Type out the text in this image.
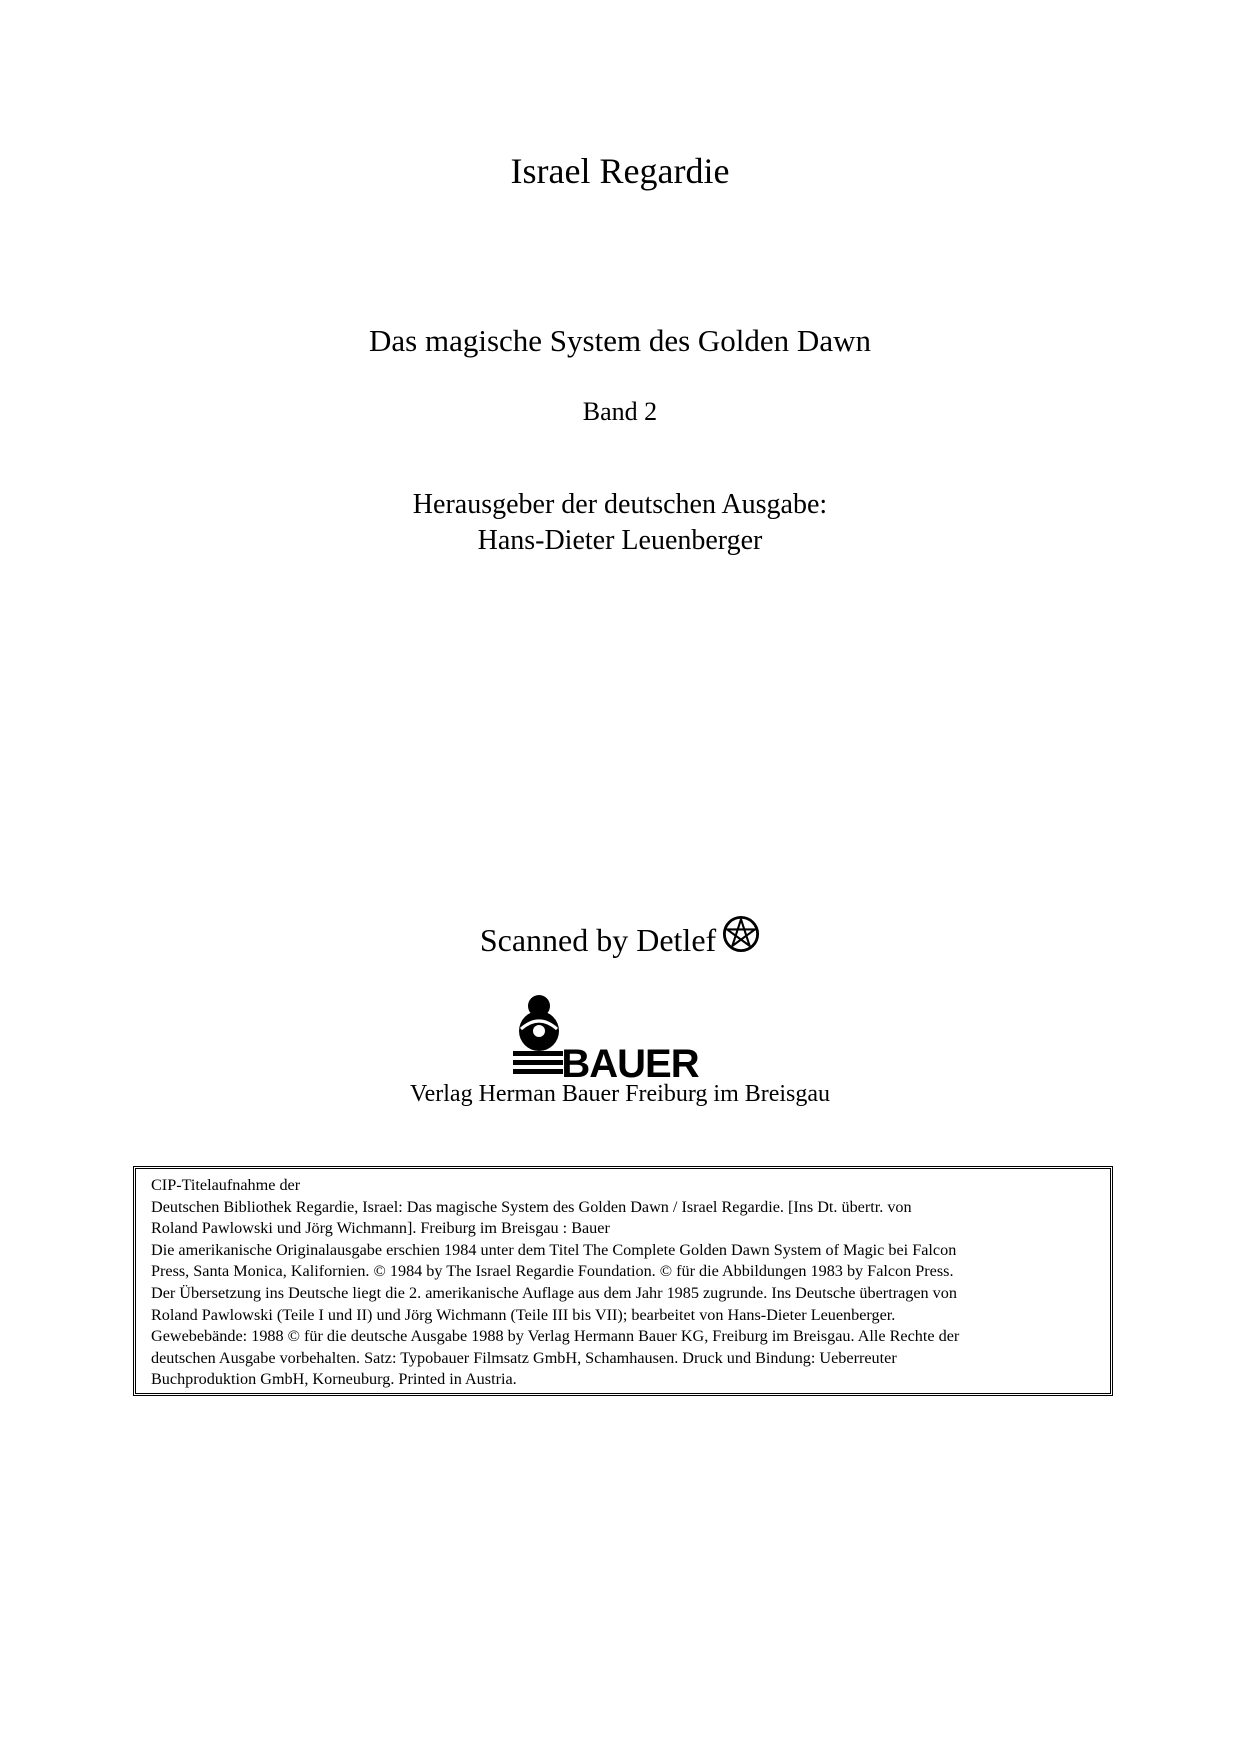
Israel Regardie
Das magische System des Golden Dawn
Band 2
Herausgeber der deutschen Ausgabe:
Hans-Dieter Leuenberger
Scanned by Detlef
BAUER
Verlag Herman Bauer Freiburg im Breisgau

CIP-Titelaufnahme der

Deutschen Bibliothek Regardie, Israel: Das magische System des Golden Dawn / Israel Regardie. [Ins Dt. übertr. von

Roland Pawlowski und Jörg Wichmann]. Freiburg im Breisgau : Bauer

Die amerikanische Originalausgabe erschien 1984 unter dem Titel The Complete Golden Dawn System of Magic bei Falcon

Press, Santa Monica, Kalifornien. © 1984 by The Israel Regardie Foundation. © für die Abbildungen 1983 by Falcon Press.

Der Übersetzung ins Deutsche liegt die 2. amerikanische Auflage aus dem Jahr 1985 zugrunde. Ins Deutsche übertragen von

Roland Pawlowski (Teile I und II) und Jörg Wichmann (Teile III bis VII); bearbeitet von Hans-Dieter Leuenberger.

Gewebebände: 1988 © für die deutsche Ausgabe 1988 by Verlag Hermann Bauer KG, Freiburg im Breisgau. Alle Rechte der

deutschen Ausgabe vorbehalten. Satz: Typobauer Filmsatz GmbH, Schamhausen. Druck und Bindung: Ueberreuter

Buchproduktion GmbH, Korneuburg. Printed in Austria.
